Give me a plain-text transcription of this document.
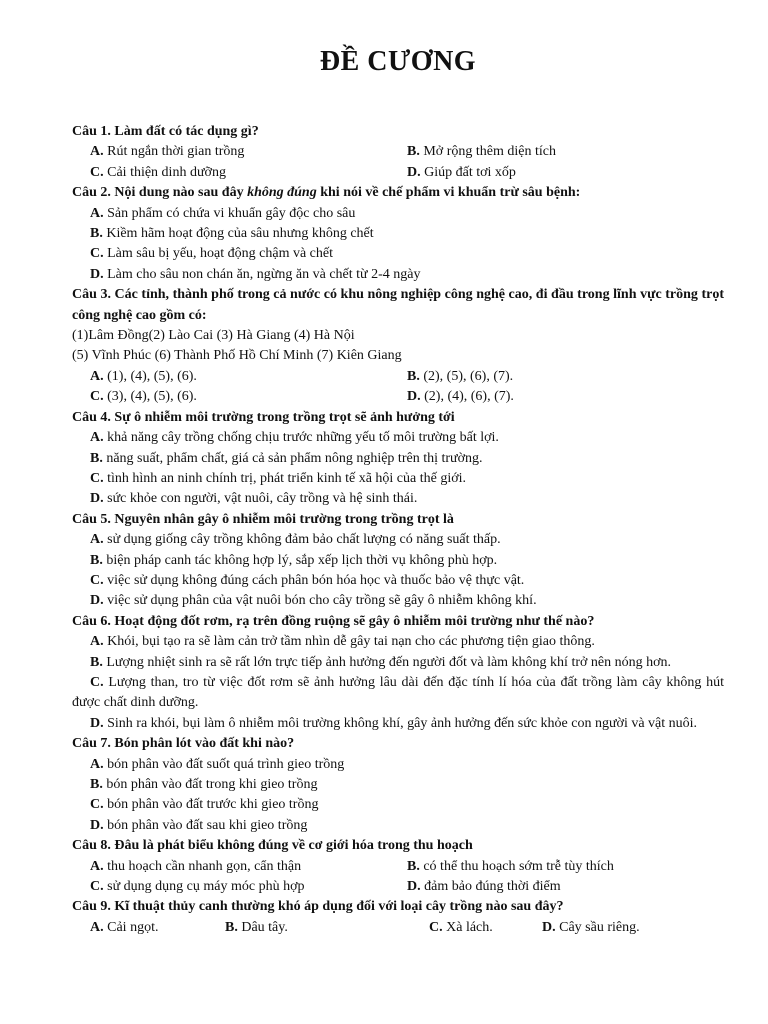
ĐỀ CƯƠNG

Câu 1. Làm đất có tác dụng gì?

A. Rút ngắn thời gian trồng	B. Mở rộng thêm diện tích
C. Cải thiện dinh dưỡng	D. Giúp đất tơi xốp

Câu 2. Nội dung nào sau đây không đúng khi nói về chế phẩm vi khuẩn trừ sâu bệnh:

A. Sản phẩm có chứa vi khuẩn gây độc cho sâu

B. Kiềm hãm hoạt động của sâu nhưng không chết

C. Làm sâu bị yếu, hoạt động chậm và chết

D. Làm cho sâu non chán ăn, ngừng ăn và chết từ 2-4 ngày

Câu 3. Các tỉnh, thành phố trong cả nước có khu nông nghiệp công nghệ cao, đi đầu trong lĩnh vực trồng trọt công nghệ cao gồm có:

(1)Lâm Đồng(2) Lào Cai (3) Hà Giang (4) Hà Nội

(5) Vĩnh Phúc (6) Thành Phố Hồ Chí Minh (7) Kiên Giang

A. (1), (4), (5), (6).	B. (2), (5), (6), (7).
C. (3), (4), (5), (6).	D. (2), (4), (6), (7).

Câu 4. Sự ô nhiễm môi trường trong trồng trọt sẽ ảnh hưởng tới

A. khả năng cây trồng chống chịu trước những yếu tố môi trường bất lợi.

B. năng suất, phẩm chất, giá cả sản phẩm nông nghiệp trên thị trường.

C. tình hình an ninh chính trị, phát triển kinh tế xã hội của thế giới.

D. sức khỏe con người, vật nuôi, cây trồng và hệ sinh thái.

Câu 5. Nguyên nhân gây ô nhiễm môi trường trong trồng trọt là

A. sử dụng giống cây trồng không đảm bảo chất lượng có năng suất thấp.

B. biện pháp canh tác không hợp lý, sắp xếp lịch thời vụ không phù hợp.

C. việc sử dụng không đúng cách phân bón hóa học và thuốc bảo vệ thực vật.

D. việc sử dụng phân của vật nuôi bón cho cây trồng sẽ gây ô nhiễm không khí.

Câu 6. Hoạt động đốt rơm, rạ trên đồng ruộng sẽ gây ô nhiễm môi trường như thế nào?

A. Khói, bụi tạo ra sẽ làm cản trở tầm nhìn dễ gây tai nạn cho các phương tiện giao thông.

B. Lượng nhiệt sinh ra sẽ rất lớn trực tiếp ảnh hưởng đến người đốt và làm không khí trở nên nóng hơn.

C. Lượng than, tro từ việc đốt rơm sẽ ảnh hưởng lâu dài đến đặc tính lí hóa của đất trồng làm cây không hút được chất dinh dưỡng.

D. Sinh ra khói, bụi làm ô nhiễm môi trường không khí, gây ảnh hưởng đến sức khỏe con người và vật nuôi.

Câu 7. Bón phân lót vào đất khi nào?

A. bón phân vào đất suốt quá trình gieo trồng

B. bón phân vào đất trong khi gieo trồng

C. bón phân vào đất trước khi gieo trồng

D. bón phân vào đất sau khi gieo trồng

Câu 8. Đâu là phát biểu không đúng về cơ giới hóa trong thu hoạch

A. thu hoạch cần nhanh gọn, cẩn thận	B. có thể thu hoạch sớm trễ tùy thích
C. sử dụng dụng cụ máy móc phù hợp	D. đảm bảo đúng thời điểm

Câu 9. Kĩ thuật thủy canh thường khó áp dụng đối với loại cây trồng nào sau đây?

A. Cải ngọt.	B. Dâu tây.	C. Xà lách.	D. Cây sầu riêng.
